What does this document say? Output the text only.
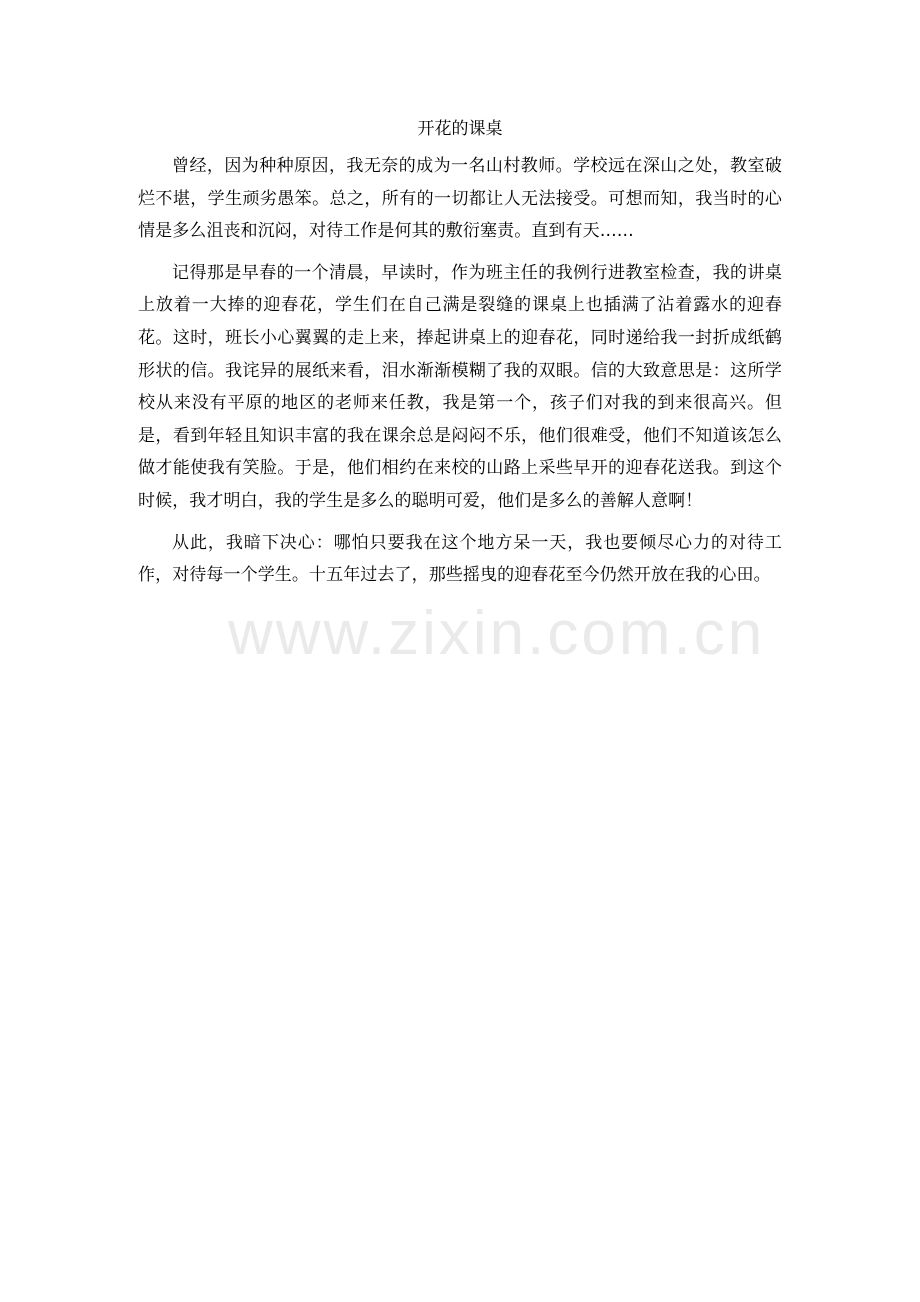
开花的课桌

曾经，因为种种原因，我无奈的成为一名山村教师。学校远在深山之处，教室破烂不堪，学生顽劣愚笨。总之，所有的一切都让人无法接受。可想而知，我当时的心情是多么沮丧和沉闷，对待工作是何其的敷衍塞责。直到有天……

记得那是早春的一个清晨，早读时，作为班主任的我例行进教室检查，我的讲桌上放着一大捧的迎春花，学生们在自己满是裂缝的课桌上也插满了沾着露水的迎春花。这时，班长小心翼翼的走上来，捧起讲桌上的迎春花，同时递给我一封折成纸鹤形状的信。我诧异的展纸来看，泪水渐渐模糊了我的双眼。信的大致意思是：这所学校从来没有平原的地区的老师来任教，我是第一个，孩子们对我的到来很高兴。但是，看到年轻且知识丰富的我在课余总是闷闷不乐，他们很难受，他们不知道该怎么做才能使我有笑脸。于是，他们相约在来校的山路上采些早开的迎春花送我。到这个时候，我才明白，我的学生是多么的聪明可爱，他们是多么的善解人意啊！

从此，我暗下决心：哪怕只要我在这个地方呆一天，我也要倾尽心力的对待工作，对待每一个学生。十五年过去了，那些摇曳的迎春花至今仍然开放在我的心田。

www.zixin.com.cn
